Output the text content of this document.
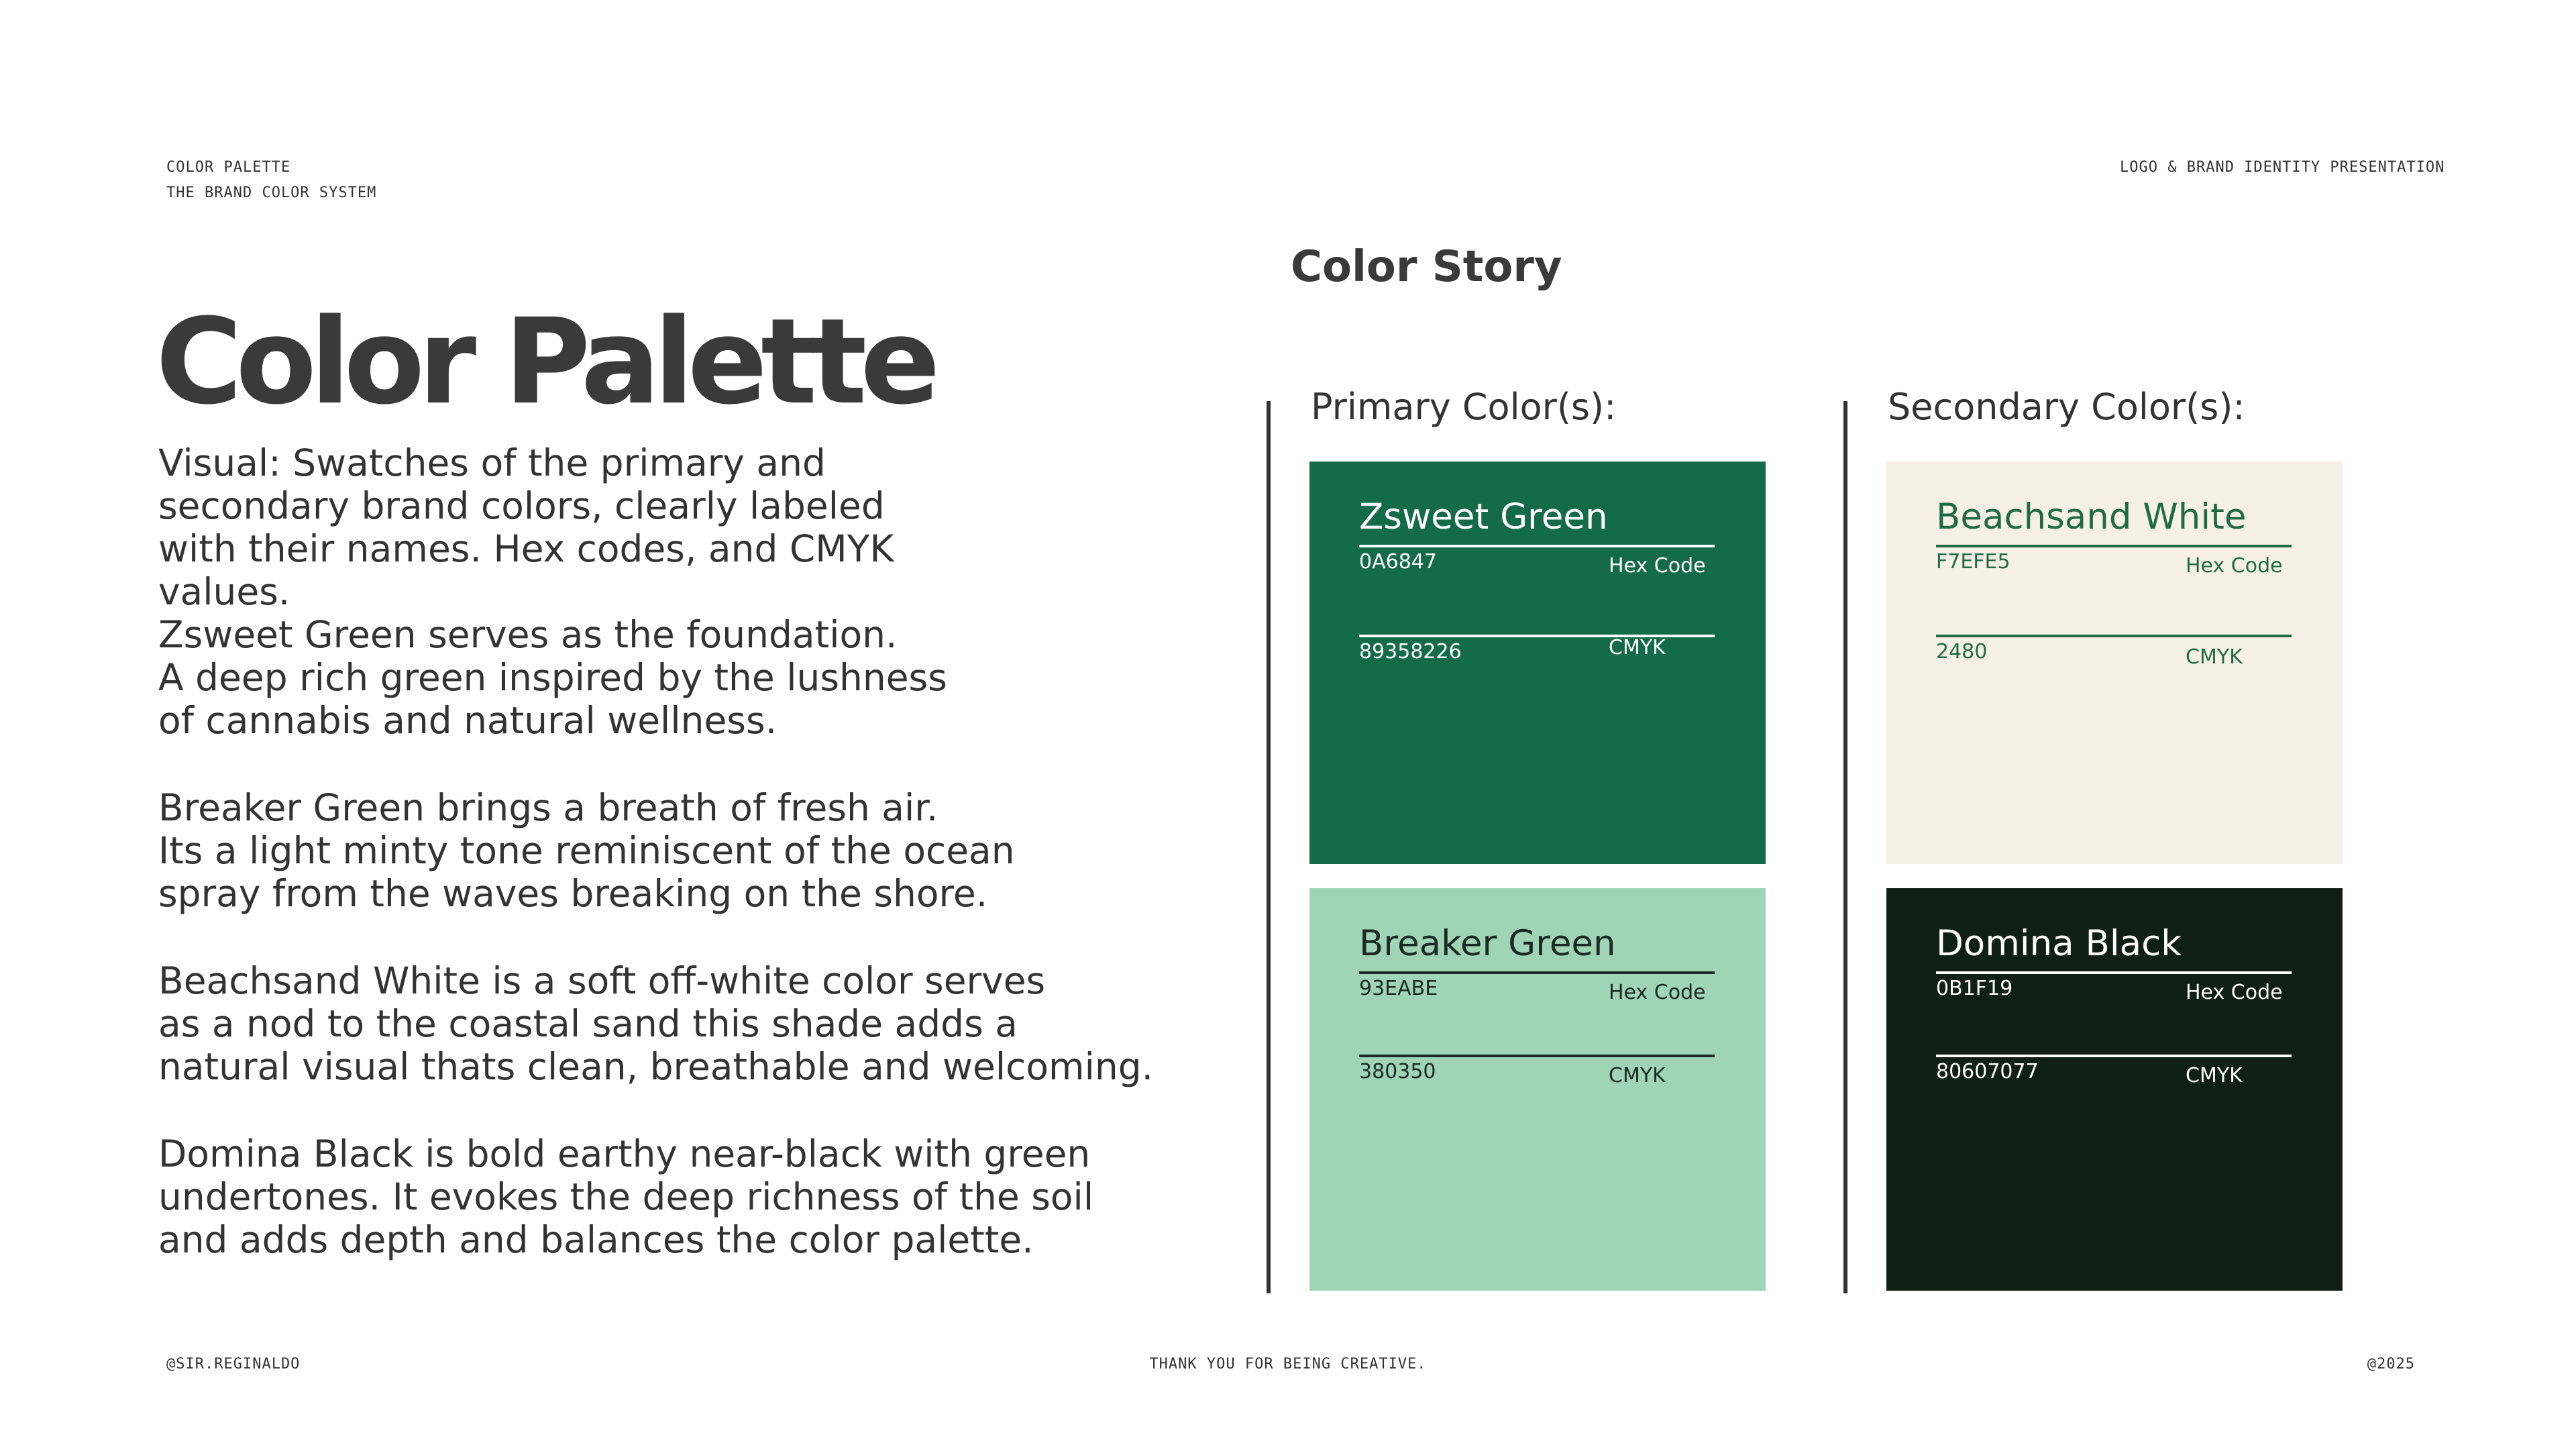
COLOR PALETTE
THE BRAND COLOR SYSTEM
LOGO & BRAND IDENTITY PRESENTATION
Color Palette

Visual: Swatches of the primary and
secondary brand colors, clearly labeled
with their names. Hex codes, and CMYK
values.

Zsweet Green serves as the foundation.
A deep rich green inspired by the lushness
of cannabis and natural wellness.

Breaker Green brings a breath of fresh air.
Its a light minty tone reminiscent of the ocean
spray from the waves breaking on the shore.

Beachsand White is a soft off-white color serves
as a nod to the coastal sand this shade adds a
natural visual thats clean, breathable and welcoming.

Domina Black is bold earthy near-black with green
undertones. It evokes the deep richness of the soil
and adds depth and balances the color palette.

Color Story
Primary Color(s):	Secondary Color(s):
Zsweet Green
0A6847	Hex Code
89358226	CMYK
Breaker Green
93EABE	Hex Code
380350	CMYK
Beachsand White
F7EFE5	Hex Code
2480	CMYK
Domina Black
0B1F19	Hex Code
80607077	CMYK
@SIR.REGINALDO	THANK YOU FOR BEING CREATIVE.	@2025
